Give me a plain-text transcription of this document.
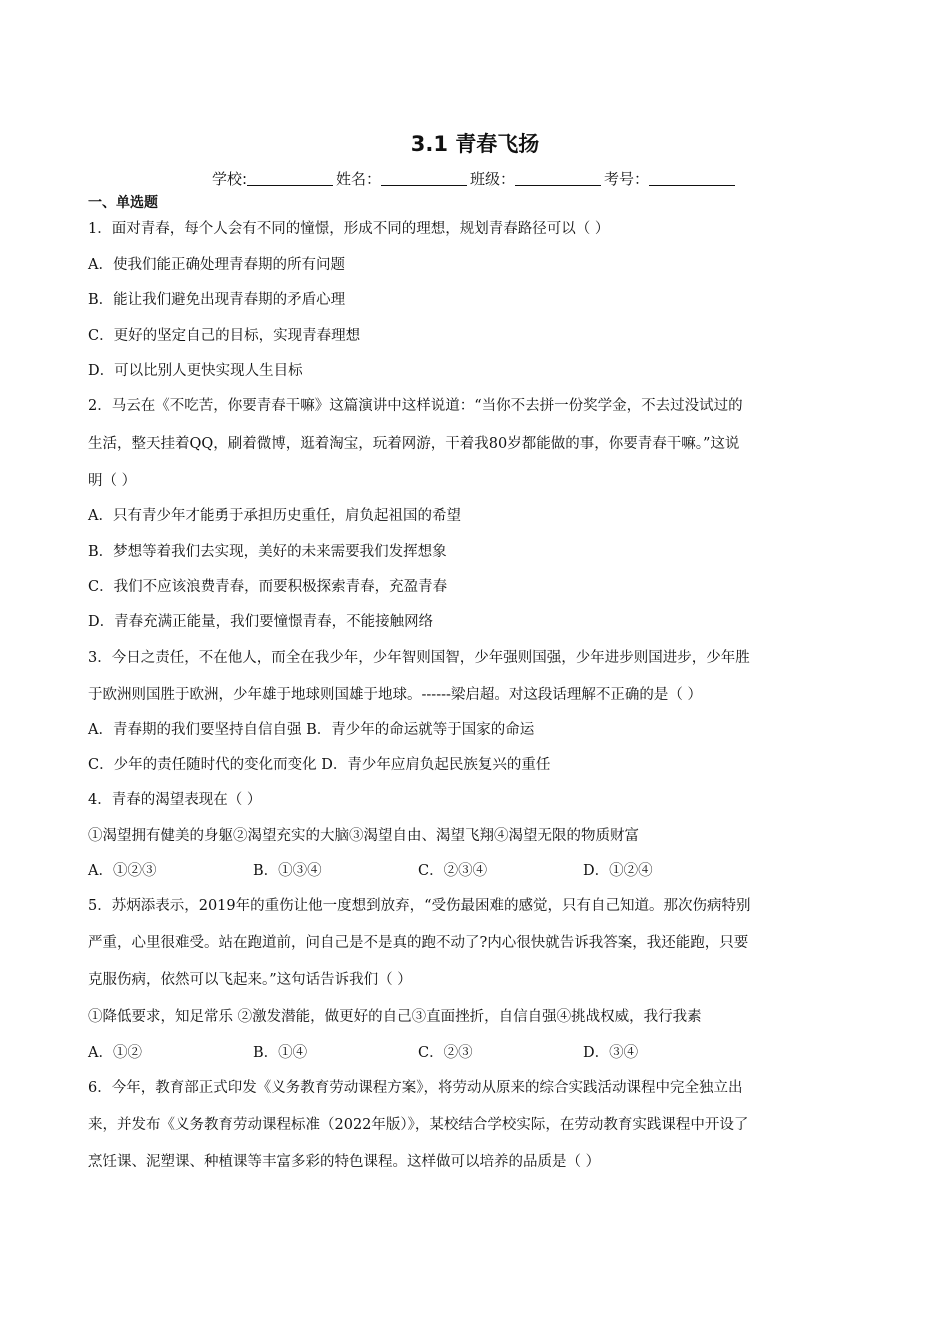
3.1 青春飞扬
学校:	姓名：	班级：	考号：
一、单选题
1．面对青春，每个人会有不同的憧憬，形成不同的理想，规划青春路径可以（ ）
A．使我们能正确处理青春期的所有问题
B．能让我们避免出现青春期的矛盾心理
C．更好的坚定自己的目标，实现青春理想
D．可以比别人更快实现人生目标
2．马云在《不吃苦，你要青春干嘛》这篇演讲中这样说道：“当你不去拼一份奖学金，不去过没试过的
生活，整天挂着QQ，刷着微博，逛着淘宝，玩着网游，干着我80岁都能做的事，你要青春干嘛。”这说
明（ ）
A．只有青少年才能勇于承担历史重任，肩负起祖国的希望
B．梦想等着我们去实现，美好的未来需要我们发挥想象
C．我们不应该浪费青春，而要积极探索青春，充盈青春
D．青春充满正能量，我们要憧憬青春，不能接触网络
3．今日之责任，不在他人，而全在我少年，少年智则国智，少年强则国强，少年进步则国进步，少年胜
于欧洲则国胜于欧洲，少年雄于地球则国雄于地球。------梁启超。对这段话理解不正确的是（ ）
A．青春期的我们要坚持自信自强 B．青少年的命运就等于国家的命运
C．少年的责任随时代的变化而变化 D．青少年应肩负起民族复兴的重任
4．青春的渴望表现在（ ）
①渴望拥有健美的身躯②渴望充实的大脑③渴望自由、渴望飞翔④渴望无限的物质财富
A．①②③	B．①③④	C．②③④	D．①②④
5．苏炳添表示，2019年的重伤让他一度想到放弃，“受伤最困难的感觉，只有自己知道。那次伤病特别
严重，心里很难受。站在跑道前，问自己是不是真的跑不动了?内心很快就告诉我答案，我还能跑，只要
克服伤病，依然可以飞起来。”这句话告诉我们（ ）
①降低要求，知足常乐 ②激发潜能，做更好的自己③直面挫折，自信自强④挑战权威，我行我素
A．①②	B．①④	C．②③	D．③④
6．今年，教育部正式印发《义务教育劳动课程方案》，将劳动从原来的综合实践活动课程中完全独立出
来，并发布《义务教育劳动课程标准（2022年版）》，某校结合学校实际，在劳动教育实践课程中开设了
烹饪课、泥塑课、种植课等丰富多彩的特色课程。这样做可以培养的品质是（ ）
